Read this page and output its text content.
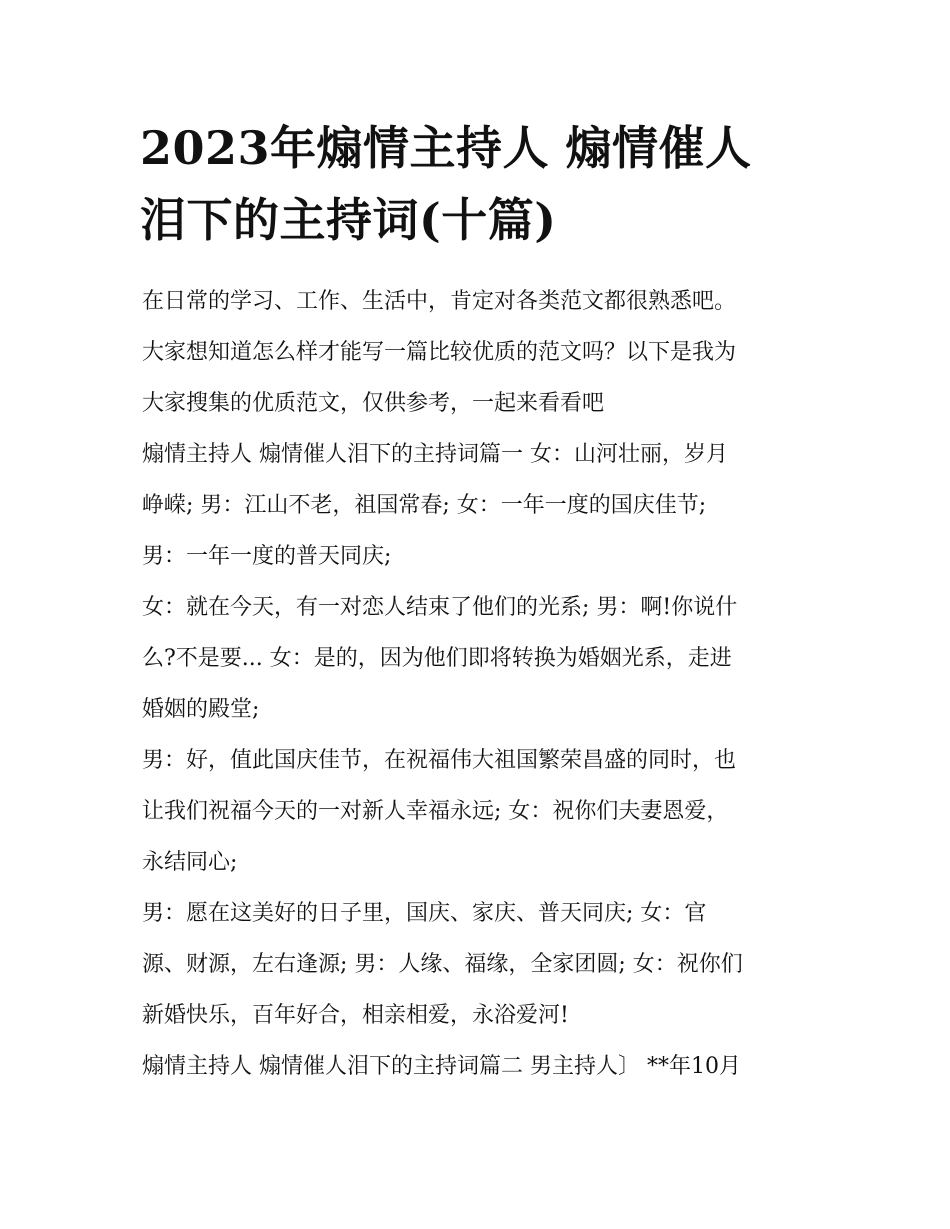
2023年煽情主持人 煽情催人
泪下的主持词(十篇)
在日常的学习、工作、生活中，肯定对各类范文都很熟悉吧。
大家想知道怎么样才能写一篇比较优质的范文吗？以下是我为
大家搜集的优质范文，仅供参考，一起来看看吧
煽情主持人 煽情催人泪下的主持词篇一 女：山河壮丽，岁月
峥嵘; 男：江山不老，祖国常春; 女：一年一度的国庆佳节;
男：一年一度的普天同庆;
女：就在今天，有一对恋人结束了他们的光系; 男：啊!你说什
么?不是要... 女：是的，因为他们即将转换为婚姻光系，走进
婚姻的殿堂;
男：好，值此国庆佳节，在祝福伟大祖国繁荣昌盛的同时，也
让我们祝福今天的一对新人幸福永远; 女：祝你们夫妻恩爱，
永结同心;
男：愿在这美好的日子里，国庆、家庆、普天同庆; 女：官
源、财源，左右逢源; 男：人缘、福缘，全家团圆; 女：祝你们
新婚快乐，百年好合，相亲相爱，永浴爱河!
煽情主持人 煽情催人泪下的主持词篇二 男主持人〕 **年10月
